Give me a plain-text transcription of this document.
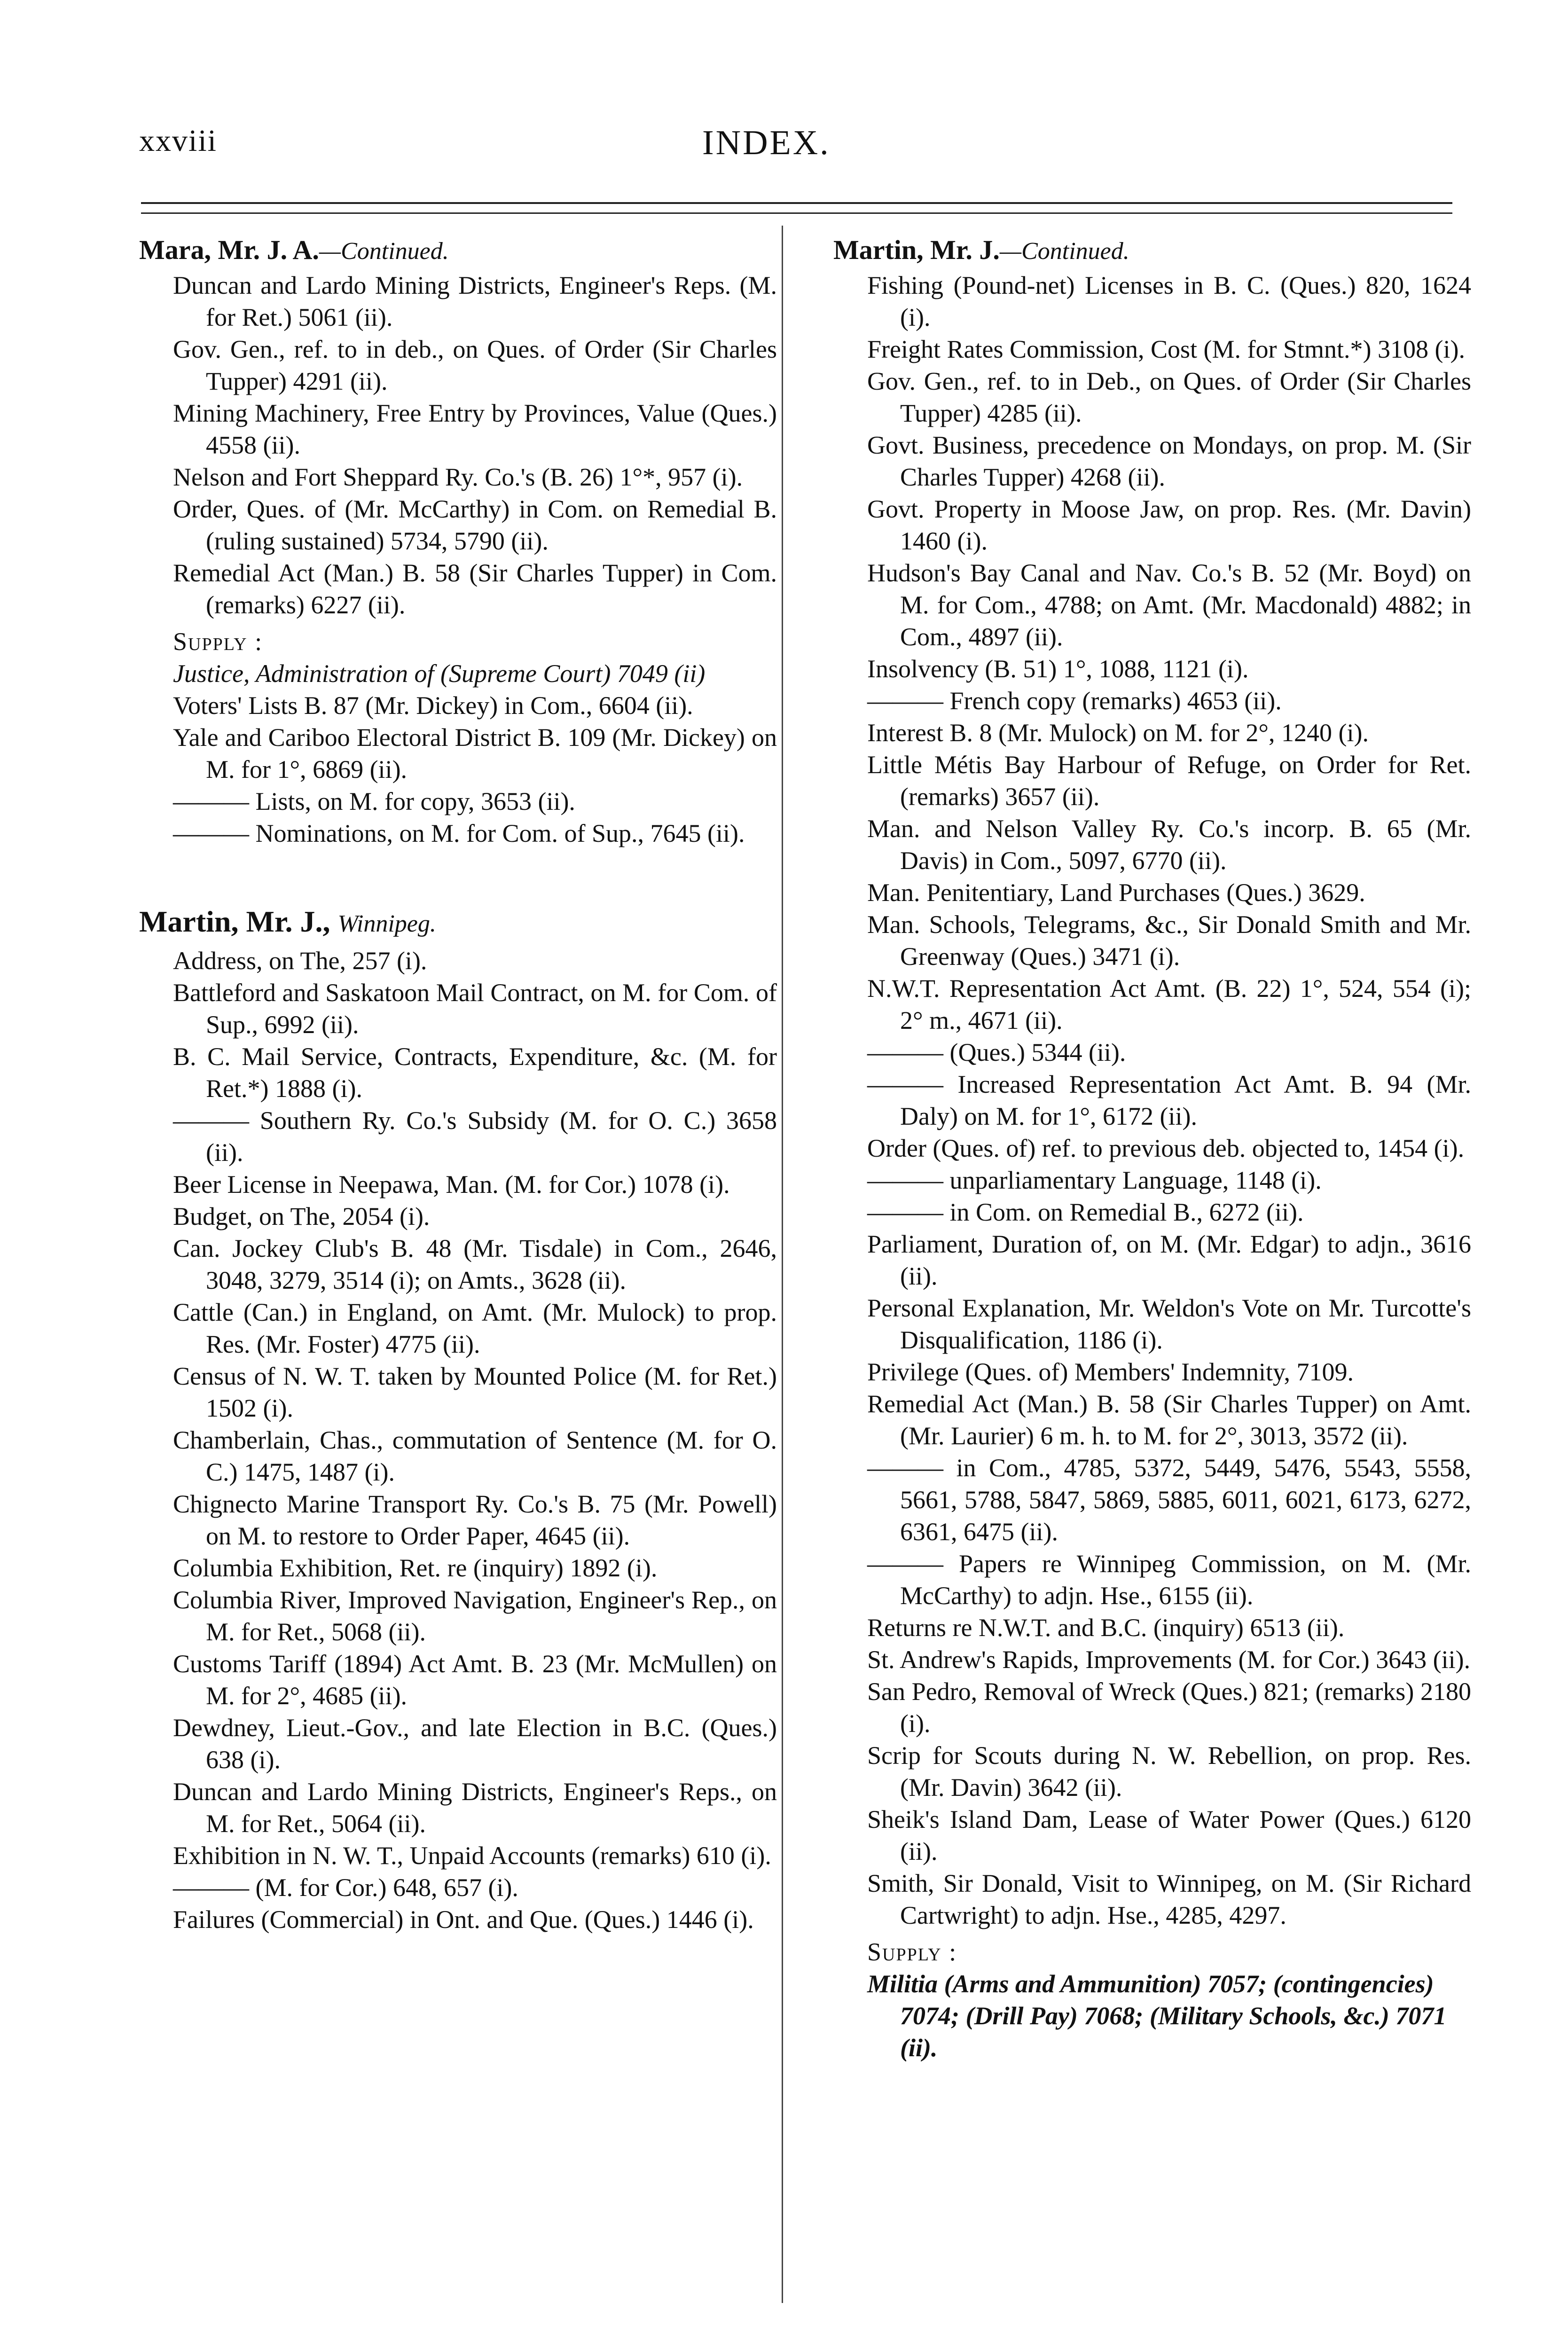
xxviii	INDEX.
Mara, Mr. J. A.—Continued.
Duncan and Lardo Mining Districts, Engineer's Reps. (M. for Ret.) 5061 (ii).
Gov. Gen., ref. to in deb., on Ques. of Order (Sir Charles Tupper) 4291 (ii).
Mining Machinery, Free Entry by Provinces, Value (Ques.) 4558 (ii).
Nelson and Fort Sheppard Ry. Co.'s (B. 26) 1°*, 957 (i).
Order, Ques. of (Mr. McCarthy) in Com. on Remedial B. (ruling sustained) 5734, 5790 (ii).
Remedial Act (Man.) B. 58 (Sir Charles Tupper) in Com. (remarks) 6227 (ii).
Supply :
Justice, Administration of (Supreme Court) 7049 (ii)
Voters' Lists B. 87 (Mr. Dickey) in Com., 6604 (ii).
Yale and Cariboo Electoral District B. 109 (Mr. Dickey) on M. for 1°, 6869 (ii).
——— Lists, on M. for copy, 3653 (ii).
——— Nominations, on M. for Com. of Sup., 7645 (ii).
Martin, Mr. J., Winnipeg.
Address, on The, 257 (i).
Battleford and Saskatoon Mail Contract, on M. for Com. of Sup., 6992 (ii).
B. C. Mail Service, Contracts, Expenditure, &c. (M. for Ret.*) 1888 (i).
——— Southern Ry. Co.'s Subsidy (M. for O. C.) 3658 (ii).
Beer License in Neepawa, Man. (M. for Cor.) 1078 (i).
Budget, on The, 2054 (i).
Can. Jockey Club's B. 48 (Mr. Tisdale) in Com., 2646, 3048, 3279, 3514 (i); on Amts., 3628 (ii).
Cattle (Can.) in England, on Amt. (Mr. Mulock) to prop. Res. (Mr. Foster) 4775 (ii).
Census of N. W. T. taken by Mounted Police (M. for Ret.) 1502 (i).
Chamberlain, Chas., commutation of Sentence (M. for O. C.) 1475, 1487 (i).
Chignecto Marine Transport Ry. Co.'s B. 75 (Mr. Powell) on M. to restore to Order Paper, 4645 (ii).
Columbia Exhibition, Ret. re (inquiry) 1892 (i).
Columbia River, Improved Navigation, Engineer's Rep., on M. for Ret., 5068 (ii).
Customs Tariff (1894) Act Amt. B. 23 (Mr. McMullen) on M. for 2°, 4685 (ii).
Dewdney, Lieut.-Gov., and late Election in B.C. (Ques.) 638 (i).
Duncan and Lardo Mining Districts, Engineer's Reps., on M. for Ret., 5064 (ii).
Exhibition in N. W. T., Unpaid Accounts (remarks) 610 (i).
——— (M. for Cor.) 648, 657 (i).
Failures (Commercial) in Ont. and Que. (Ques.) 1446 (i).
Martin, Mr. J.—Continued.
Fishing (Pound-net) Licenses in B. C. (Ques.) 820, 1624 (i).
Freight Rates Commission, Cost (M. for Stmnt.*) 3108 (i).
Gov. Gen., ref. to in Deb., on Ques. of Order (Sir Charles Tupper) 4285 (ii).
Govt. Business, precedence on Mondays, on prop. M. (Sir Charles Tupper) 4268 (ii).
Govt. Property in Moose Jaw, on prop. Res. (Mr. Davin) 1460 (i).
Hudson's Bay Canal and Nav. Co.'s B. 52 (Mr. Boyd) on M. for Com., 4788; on Amt. (Mr. Macdonald) 4882; in Com., 4897 (ii).
Insolvency (B. 51) 1°, 1088, 1121 (i).
——— French copy (remarks) 4653 (ii).
Interest B. 8 (Mr. Mulock) on M. for 2°, 1240 (i).
Little Métis Bay Harbour of Refuge, on Order for Ret. (remarks) 3657 (ii).
Man. and Nelson Valley Ry. Co.'s incorp. B. 65 (Mr. Davis) in Com., 5097, 6770 (ii).
Man. Penitentiary, Land Purchases (Ques.) 3629.
Man. Schools, Telegrams, &c., Sir Donald Smith and Mr. Greenway (Ques.) 3471 (i).
N.W.T. Representation Act Amt. (B. 22) 1°, 524, 554 (i); 2° m., 4671 (ii).
——— (Ques.) 5344 (ii).
——— Increased Representation Act Amt. B. 94 (Mr. Daly) on M. for 1°, 6172 (ii).
Order (Ques. of) ref. to previous deb. objected to, 1454 (i).
——— unparliamentary Language, 1148 (i).
——— in Com. on Remedial B., 6272 (ii).
Parliament, Duration of, on M. (Mr. Edgar) to adjn., 3616 (ii).
Personal Explanation, Mr. Weldon's Vote on Mr. Turcotte's Disqualification, 1186 (i).
Privilege (Ques. of) Members' Indemnity, 7109.
Remedial Act (Man.) B. 58 (Sir Charles Tupper) on Amt. (Mr. Laurier) 6 m. h. to M. for 2°, 3013, 3572 (ii).
——— in Com., 4785, 5372, 5449, 5476, 5543, 5558, 5661, 5788, 5847, 5869, 5885, 6011, 6021, 6173, 6272, 6361, 6475 (ii).
——— Papers re Winnipeg Commission, on M. (Mr. McCarthy) to adjn. Hse., 6155 (ii).
Returns re N.W.T. and B.C. (inquiry) 6513 (ii).
St. Andrew's Rapids, Improvements (M. for Cor.) 3643 (ii).
San Pedro, Removal of Wreck (Ques.) 821; (remarks) 2180 (i).
Scrip for Scouts during N. W. Rebellion, on prop. Res. (Mr. Davin) 3642 (ii).
Sheik's Island Dam, Lease of Water Power (Ques.) 6120 (ii).
Smith, Sir Donald, Visit to Winnipeg, on M. (Sir Richard Cartwright) to adjn. Hse., 4285, 4297.
Supply :
Militia (Arms and Ammunition) 7057; (contingencies) 7074; (Drill Pay) 7068; (Military Schools, &c.) 7071 (ii).
